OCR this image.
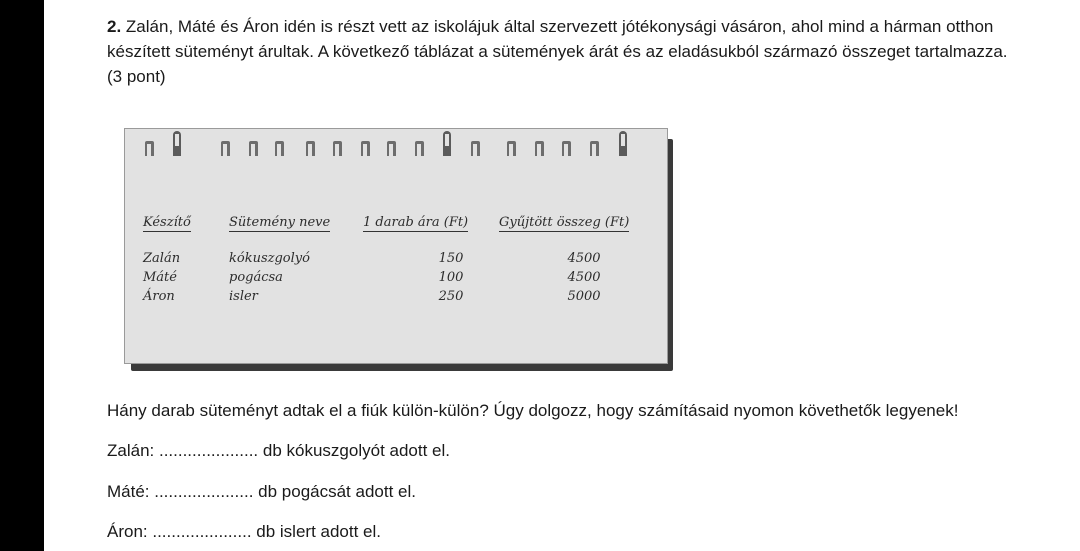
2. Zalán, Máté és Áron idén is részt vett az iskolájuk által szervezett jótékonysági vásáron, ahol mind a hárman otthon készített süteményt árultak. A következő táblázat a sütemények árát és az eladásukból származó összeget tartalmazza. (3 pont)
Készítő	Sütemény neve	1 darab ára (Ft)	Gyűjtött összeg (Ft)
Zalán	kókuszgolyó	150	4500
Máté	pogácsa	100	4500
Áron	isler	250	5000
Hány darab süteményt adtak el a fiúk külön-külön? Úgy dolgozz, hogy számításaid nyomon követhetők legyenek!
Zalán: ..................... db kókuszgolyót adott el.
Máté: ..................... db pogácsát adott el.
Áron: ..................... db islert adott el.
